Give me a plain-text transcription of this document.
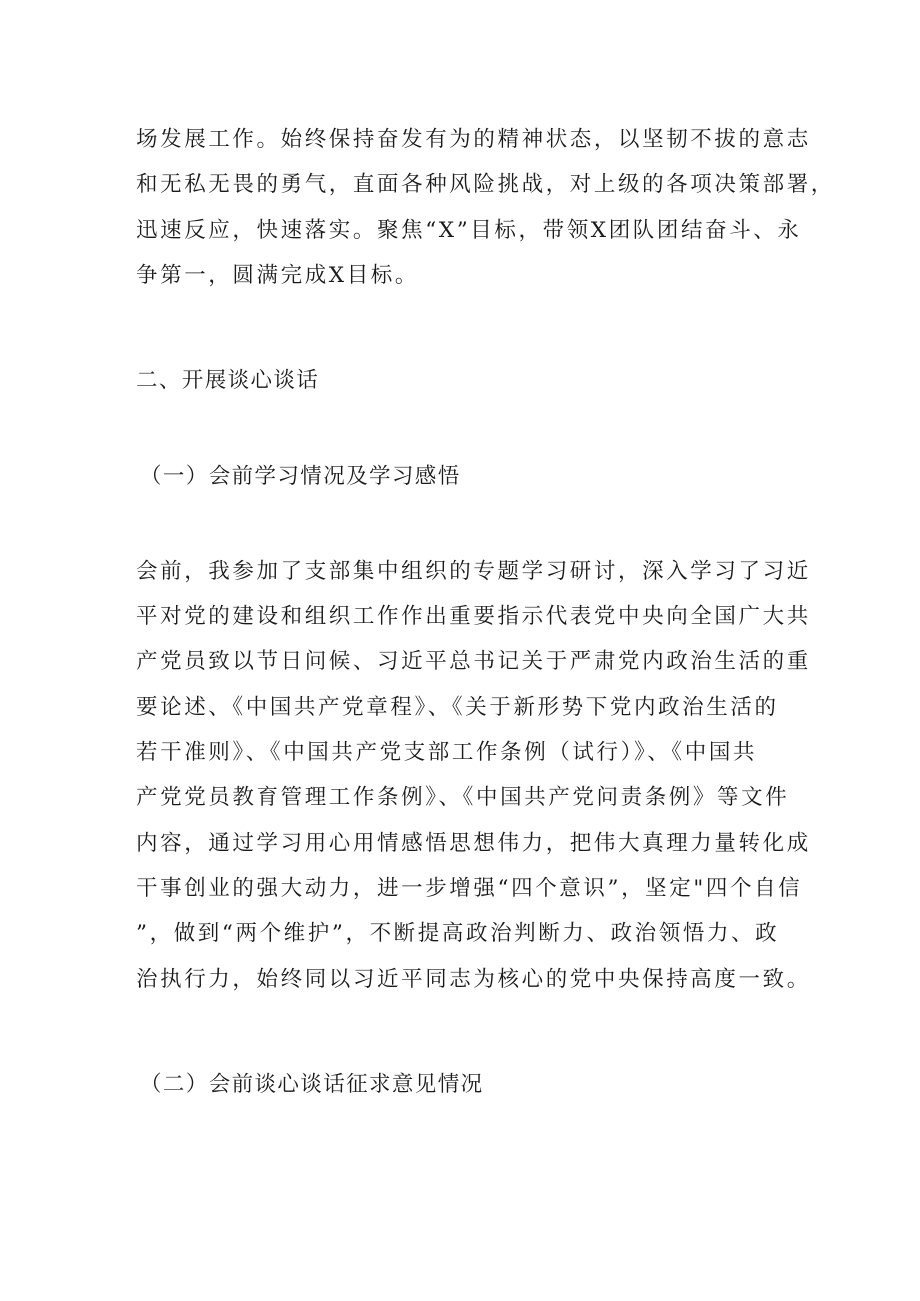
场发展工作。始终保持奋发有为的精神状态，以坚韧不拔的意志

和无私无畏的勇气，直面各种风险挑战，对上级的各项决策部署，

迅速反应，快速落实。聚焦“X”目标，带领X团队团结奋斗、永

争第一，圆满完成X目标。

二、开展谈心谈话

（一）会前学习情况及学习感悟

会前，我参加了支部集中组织的专题学习研讨，深入学习了习近

平对党的建设和组织工作作出重要指示代表党中央向全国广大共

产党员致以节日问候、习近平总书记关于严肃党内政治生活的重

要论述、《中国共产党章程》、《关于新形势下党内政治生活的

若干准则》、《中国共产党支部工作条例（试行）》、《中国共

产党党员教育管理工作条例》、《中国共产党问责条例》等文件

内容，通过学习用心用情感悟思想伟力，把伟大真理力量转化成

干事创业的强大动力，进一步增强“四个意识”，坚定"四个自信

”，做到“两个维护”，不断提高政治判断力、政治领悟力、政

治执行力，始终同以习近平同志为核心的党中央保持高度一致。

（二）会前谈心谈话征求意见情况
